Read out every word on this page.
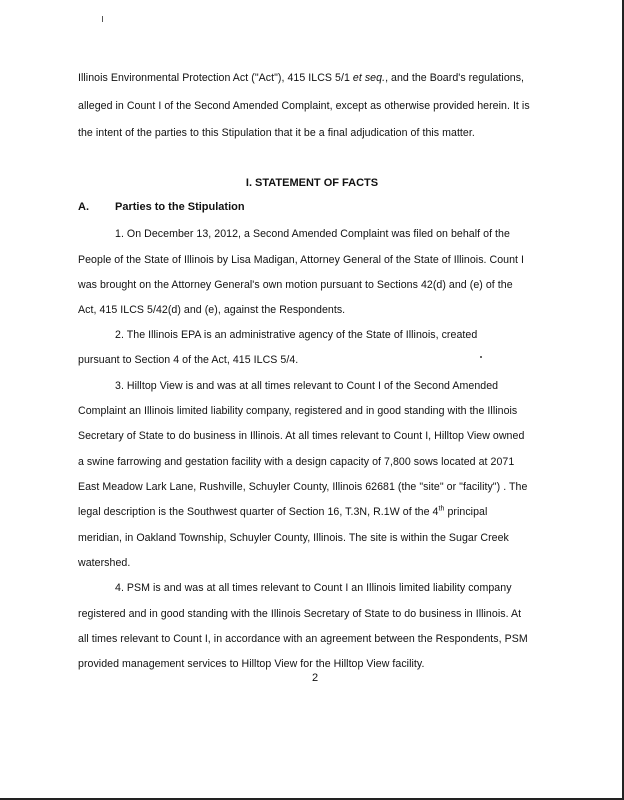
Illinois Environmental Protection Act ("Act"), 415 ILCS 5/1 et seq., and the Board's regulations,
alleged in Count I of the Second Amended Complaint, except as otherwise provided herein. It is
the intent of the parties to this Stipulation that it be a final adjudication of this matter.
I. STATEMENT OF FACTS
A. Parties to the Stipulation
1. On December 13, 2012, a Second Amended Complaint was filed on behalf of the
People of the State of Illinois by Lisa Madigan, Attorney General of the State of Illinois. Count I
was brought on the Attorney General's own motion pursuant to Sections 42(d) and (e) of the
Act, 415 ILCS 5/42(d) and (e), against the Respondents.
2. The Illinois EPA is an administrative agency of the State of Illinois, created
pursuant to Section 4 of the Act, 415 ILCS 5/4.
3. Hilltop View is and was at all times relevant to Count I of the Second Amended
Complaint an Illinois limited liability company, registered and in good standing with the Illinois
Secretary of State to do business in Illinois. At all times relevant to Count I, Hilltop View owned
a swine farrowing and gestation facility with a design capacity of 7,800 sows located at 2071
East Meadow Lark Lane, Rushville, Schuyler County, Illinois 62681 (the "site" or "facility") . The
legal description is the Southwest quarter of Section 16, T.3N, R.1W of the 4th principal
meridian, in Oakland Township, Schuyler County, Illinois. The site is within the Sugar Creek
watershed.
4. PSM is and was at all times relevant to Count I an Illinois limited liability company
registered and in good standing with the Illinois Secretary of State to do business in Illinois. At
all times relevant to Count I, in accordance with an agreement between the Respondents, PSM
provided management services to Hilltop View for the Hilltop View facility.
2
